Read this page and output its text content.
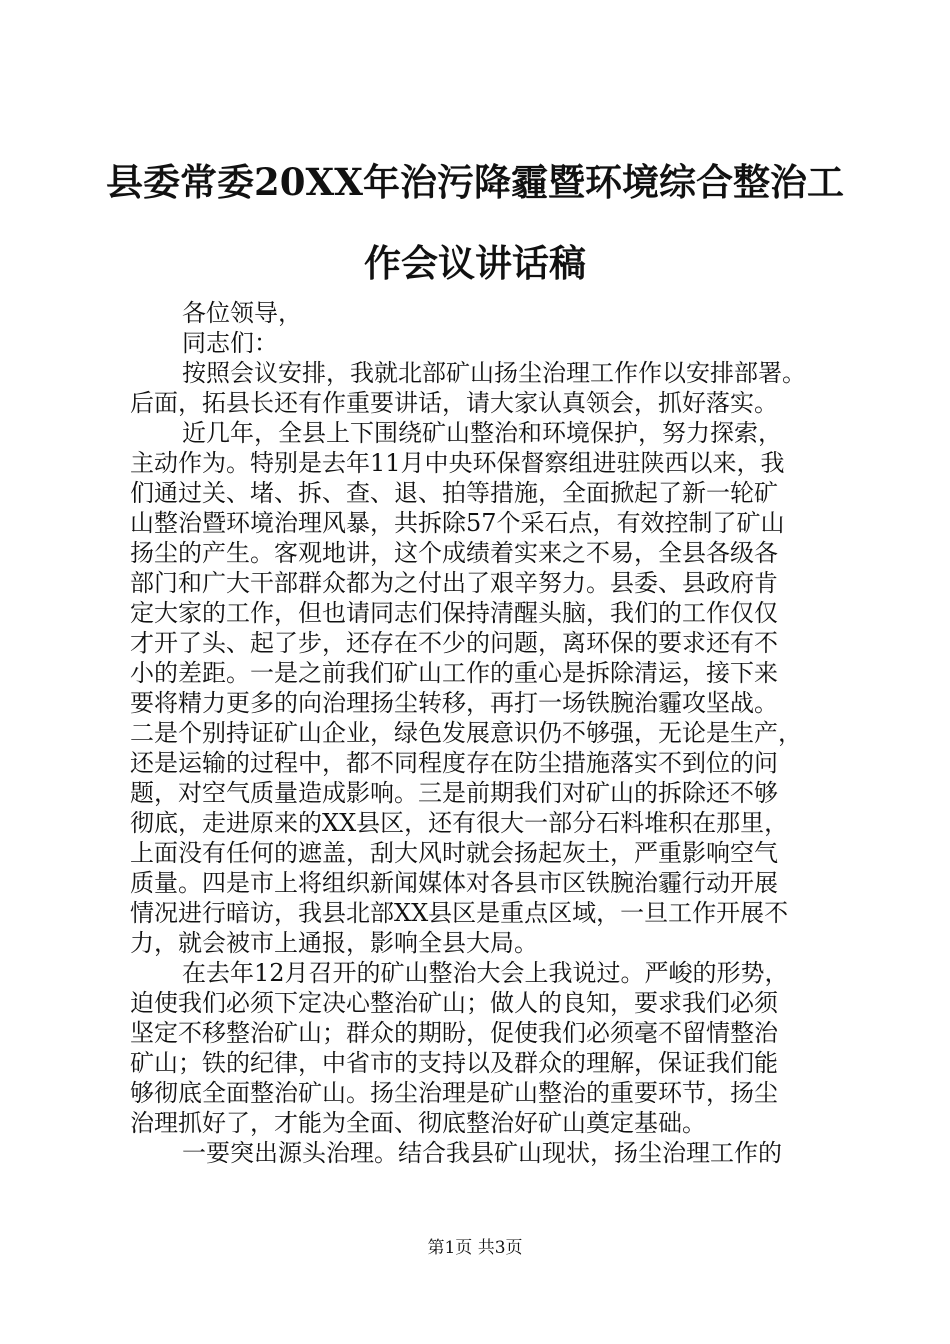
县委常委20XX年治污降霾暨环境综合整治工
作会议讲话稿
各位领导，
同志们：
按照会议安排，我就北部矿山扬尘治理工作作以安排部署。
后面，拓县长还有作重要讲话，请大家认真领会，抓好落实。
近几年，全县上下围绕矿山整治和环境保护，努力探索，
主动作为。特别是去年11月中央环保督察组进驻陕西以来，我
们通过关、堵、拆、查、退、拍等措施，全面掀起了新一轮矿
山整治暨环境治理风暴，共拆除57个采石点，有效控制了矿山
扬尘的产生。客观地讲，这个成绩着实来之不易，全县各级各
部门和广大干部群众都为之付出了艰辛努力。县委、县政府肯
定大家的工作，但也请同志们保持清醒头脑，我们的工作仅仅
才开了头、起了步，还存在不少的问题，离环保的要求还有不
小的差距。一是之前我们矿山工作的重心是拆除清运，接下来
要将精力更多的向治理扬尘转移，再打一场铁腕治霾攻坚战。
二是个别持证矿山企业，绿色发展意识仍不够强，无论是生产，
还是运输的过程中，都不同程度存在防尘措施落实不到位的问
题，对空气质量造成影响。三是前期我们对矿山的拆除还不够
彻底，走进原来的XX县区，还有很大一部分石料堆积在那里，
上面没有任何的遮盖，刮大风时就会扬起灰土，严重影响空气
质量。四是市上将组织新闻媒体对各县市区铁腕治霾行动开展
情况进行暗访，我县北部XX县区是重点区域，一旦工作开展不
力，就会被市上通报，影响全县大局。
在去年12月召开的矿山整治大会上我说过。严峻的形势，
迫使我们必须下定决心整治矿山；做人的良知，要求我们必须
坚定不移整治矿山；群众的期盼，促使我们必须毫不留情整治
矿山；铁的纪律，中省市的支持以及群众的理解，保证我们能
够彻底全面整治矿山。扬尘治理是矿山整治的重要环节，扬尘
治理抓好了，才能为全面、彻底整治好矿山奠定基础。
一要突出源头治理。结合我县矿山现状，扬尘治理工作的
第1页 共3页
